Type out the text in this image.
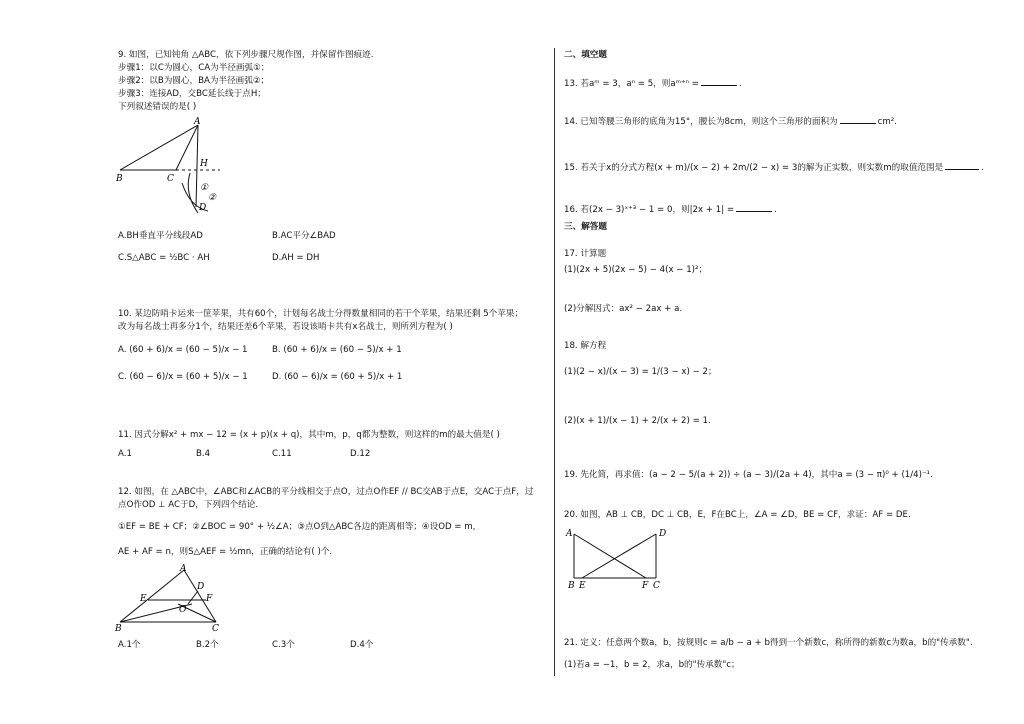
9. 如图，已知钝角 △ABC，依下列步骤尺规作图，并保留作图痕迹.
步骤1：以C为圆心，CA为半径画弧①；
步骤2：以B为圆心，BA为半径画弧②；
步骤3：连接AD，交BC延长线于点H；
下列叙述错误的是( )
A
B	C
H
D
①
②
A.BH垂直平分线段AD	B.AC平分∠BAD
C.S△ABC = ½BC · AH	D.AH = DH
10. 某边防哨卡运来一筐苹果，共有60个，计划每名战士分得数量相同的若干个苹果，结果还剩 5个苹果；
改为每名战士再多分1个，结果还差6个苹果，若设该哨卡共有x名战士，则所列方程为( )
A. (60 + 6)/x = (60 − 5)/x − 1	B. (60 + 6)/x = (60 − 5)/x + 1
C. (60 − 6)/x = (60 + 5)/x − 1	D. (60 − 6)/x = (60 + 5)/x + 1
11. 因式分解x² + mx − 12 = (x + p)(x + q)，其中m，p，q都为整数，则这样的m的最大值是( )
A.1	B.4	C.11	D.12
12. 如图，在 △ABC中，∠ABC和∠ACB的平分线相交于点O，过点O作EF // BC交AB于点E，交AC于点F，过
点O作OD ⊥ AC于D，下列四个结论.
①EF = BE + CF；②∠BOC = 90° + ½∠A；③点O到△ABC各边的距离相等；④设OD = m，
AE + AF = n，则S△AEF = ½mn，正确的结论有( )个.
A
B	C
D
E	F
O
A.1个	B.2个	C.3个	D.4个
二、填空题
13. 若aᵐ = 3，aⁿ = 5，则aᵐ⁺ⁿ =	.
14. 已知等腰三角形的底角为15°，腰长为8cm，则这个三角形的面积为	cm².
15. 若关于x的分式方程(x + m)/(x − 2) + 2m/(2 − x) = 3的解为正实数，则实数m的取值范围是	.
16. 若(2x − 3)ˣ⁺³ − 1 = 0，则|2x + 1| =	.
三、解答题
17. 计算题
(1)(2x + 5)(2x − 5) − 4(x − 1)²；
(2)分解因式：ax² − 2ax + a.
18. 解方程
(1)(2 − x)/(x − 3) = 1/(3 − x) − 2；
(2)(x + 1)/(x − 1) + 2/(x + 2) = 1.
19. 先化简，再求值：(a − 2 − 5/(a + 2)) ÷ (a − 3)/(2a + 4)，其中a = (3 − π)⁰ + (1/4)⁻¹.
20. 如图，AB ⊥ CB，DC ⊥ CB，E，F在BC上，∠A = ∠D，BE = CF，求证：AF = DE.
A	D
B E	F C
21. 定义：任意两个数a，b，按规则c = a/b − a + b得到一个新数c，称所得的新数c为数a，b的"传承数".
(1)若a = −1，b = 2，求a，b的"传承数"c；
